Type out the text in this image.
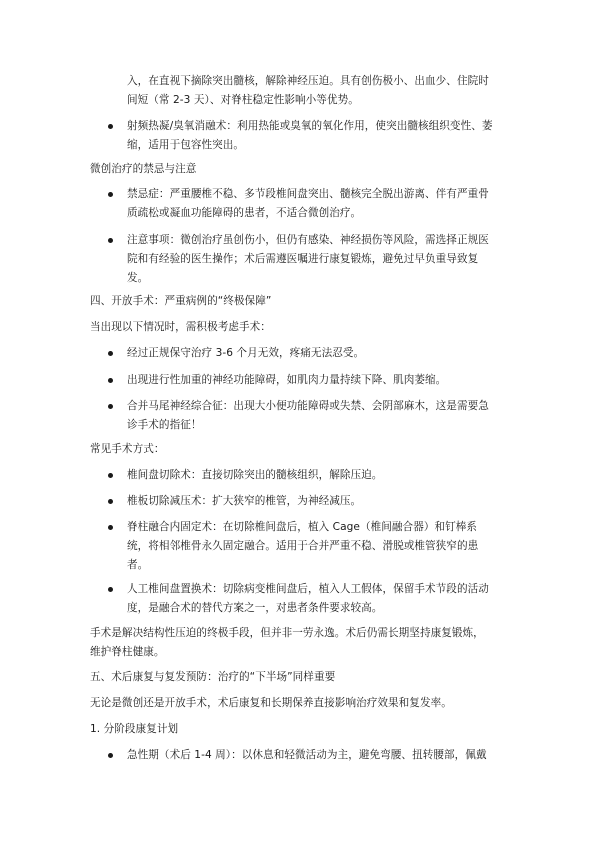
入，在直视下摘除突出髓核，解除神经压迫。具有创伤极小、出血少、住院时
间短（常 2-3 天）、对脊柱稳定性影响小等优势。

射频热凝/臭氧消融术：利用热能或臭氧的氧化作用，使突出髓核组织变性、萎
缩，适用于包容性突出。

微创治疗的禁忌与注意

禁忌症：严重腰椎不稳、多节段椎间盘突出、髓核完全脱出游离、伴有严重骨
质疏松或凝血功能障碍的患者，不适合微创治疗。

注意事项：微创治疗虽创伤小，但仍有感染、神经损伤等风险，需选择正规医
院和有经验的医生操作；术后需遵医嘱进行康复锻炼，避免过早负重导致复
发。

四、开放手术：严重病例的“终极保障”

当出现以下情况时，需积极考虑手术：

经过正规保守治疗 3-6 个月无效，疼痛无法忍受。

出现进行性加重的神经功能障碍，如肌肉力量持续下降、肌肉萎缩。

合并马尾神经综合征：出现大小便功能障碍或失禁、会阴部麻木，这是需要急
诊手术的指征！

常见手术方式：

椎间盘切除术：直接切除突出的髓核组织，解除压迫。

椎板切除减压术：扩大狭窄的椎管，为神经减压。

脊柱融合内固定术：在切除椎间盘后，植入 Cage（椎间融合器）和钉棒系
统，将相邻椎骨永久固定融合。适用于合并严重不稳、滑脱或椎管狭窄的患
者。

人工椎间盘置换术：切除病变椎间盘后，植入人工假体，保留手术节段的活动
度，是融合术的替代方案之一，对患者条件要求较高。

手术是解决结构性压迫的终极手段，但并非一劳永逸。术后仍需长期坚持康复锻炼，
维护脊柱健康。

五、术后康复与复发预防：治疗的“下半场”同样重要

无论是微创还是开放手术，术后康复和长期保养直接影响治疗效果和复发率。

1. 分阶段康复计划

急性期（术后 1-4 周）：以休息和轻微活动为主，避免弯腰、扭转腰部，佩戴
